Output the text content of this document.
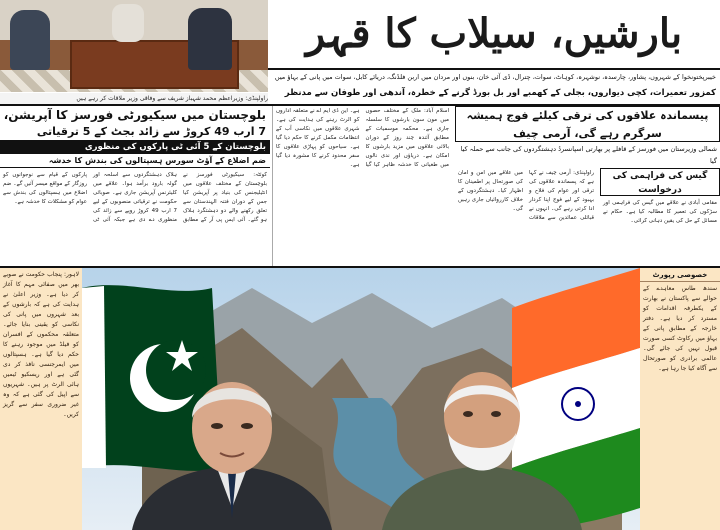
راولپنڈی: وزیراعظم محمد شہباز شریف سے وفاقی وزیر ملاقات کر رہے ہیں
بارشیں، سیلاب کا قہر
خیبرپختونخوا کے شہروں، پشاور، چارسدہ، نوشہرہ، کوہاٹ، سوات، چترال، ڈی آئی خان، بنوں اور مردان میں اربن فلڈنگ، دریائے کابل، سوات میں پانی کے بہاؤ میں
کمزور تعمیرات، کچی دیواروں، بجلی کے کھمبے اور بل بورڈ گرنے کے خطرہ، آندھی اور طوفان سے مدنظر
بلوچستان میں سیکیورٹی فورسز کا آپریشن،
7 ارب 49 کروڑ سے زائد بجٹ کے 5 ترقیاتی
بلوچستان کے 5 آئی ٹی پارکوں کی منظوری
ضم اضلاع کے آؤٹ سورس ہسپتالوں کی بندش کا خدشہ
کوئٹہ: سیکیورٹی فورسز نے بلوچستان کے مختلف علاقوں میں انٹیلیجنس کی بنیاد پر آپریشن کیا جس کے دوران فتنہ الہندستان سے تعلق رکھنے والے دو دہشتگرد ہلاک ہو گئے۔ آئی ایس پی آر کے مطابق ہلاک دہشتگردوں سے اسلحہ اور گولہ بارود برآمد ہوا۔ علاقے میں کلیئرنس آپریشن جاری ہے۔ صوبائی حکومت نے ترقیاتی منصوبوں کے لیے 7 ارب 49 کروڑ روپے سے زائد کی منظوری دے دی ہے جبکہ آئی ٹی پارکوں کے قیام سے نوجوانوں کو روزگار کے مواقع میسر آئیں گے۔ ضم اضلاع میں ہسپتالوں کی بندش سے عوام کو مشکلات کا خدشہ ہے۔
اسلام آباد: ملک کے مختلف حصوں میں مون سون بارشوں کا سلسلہ جاری ہے۔ محکمہ موسمیات کے مطابق آئندہ چند روز کے دوران بالائی علاقوں میں مزید بارشوں کا امکان ہے۔ دریاؤں اور ندی نالوں میں طغیانی کا خدشہ ظاہر کیا گیا ہے۔ این ڈی ایم اے نے متعلقہ اداروں کو الرٹ رہنے کی ہدایت کی ہے۔ شہری علاقوں میں نکاسی آب کے انتظامات مکمل کرنے کا حکم دیا گیا ہے۔ سیاحوں کو پہاڑی علاقوں کا سفر محدود کرنے کا مشورہ دیا گیا ہے۔
پیسماندہ علاقوں کی ترقی کیلئے فوج ہمیشہ سرگرم رہے گی، آرمی چیف
شمالی وزیرستان میں فورسز کے قافلے پر بھارتی اسپانسرڈ دہشتگردوں کی جانب سے حملہ کیا گیا
راولپنڈی: آرمی چیف نے کہا ہے کہ پسماندہ علاقوں کی ترقی اور عوام کی فلاح و بہبود کے لیے فوج اپنا کردار ادا کرتی رہے گی۔ انہوں نے قبائلی عمائدین سے ملاقات میں علاقے میں امن و امان کی صورتحال پر اطمینان کا اظہار کیا۔ دہشتگردوں کے خلاف کارروائیاں جاری رہیں گی۔
گیس کی فراہمی کی درخواست
مقامی آبادی نے علاقے میں گیس کی فراہمی اور سڑکوں کی تعمیر کا مطالبہ کیا ہے۔ حکام نے مسائل کے حل کی یقین دہانی کرائی۔
لاہور: پنجاب حکومت نے صوبے بھر میں صفائی مہم کا آغاز کر دیا ہے۔ وزیر اعلیٰ نے ہدایت کی ہے کہ بارشوں کے بعد شہروں میں پانی کی نکاسی کو یقینی بنایا جائے۔ متعلقہ محکموں کے افسران کو فیلڈ میں موجود رہنے کا حکم دیا گیا ہے۔ ہسپتالوں میں ایمرجنسی نافذ کر دی گئی ہے اور ریسکیو ٹیمیں ہائی الرٹ پر ہیں۔ شہریوں سے اپیل کی گئی ہے کہ وہ غیر ضروری سفر سے گریز کریں۔
خصوصی رپورٹ
سندھ طاس معاہدے کے حوالے سے پاکستان نے بھارت کے یکطرفہ اقدامات کو مسترد کر دیا ہے۔ دفتر خارجہ کے مطابق پانی کے بہاؤ میں رکاوٹ کسی صورت قبول نہیں کی جائے گی۔ عالمی برادری کو صورتحال سے آگاہ کیا جا رہا ہے۔
